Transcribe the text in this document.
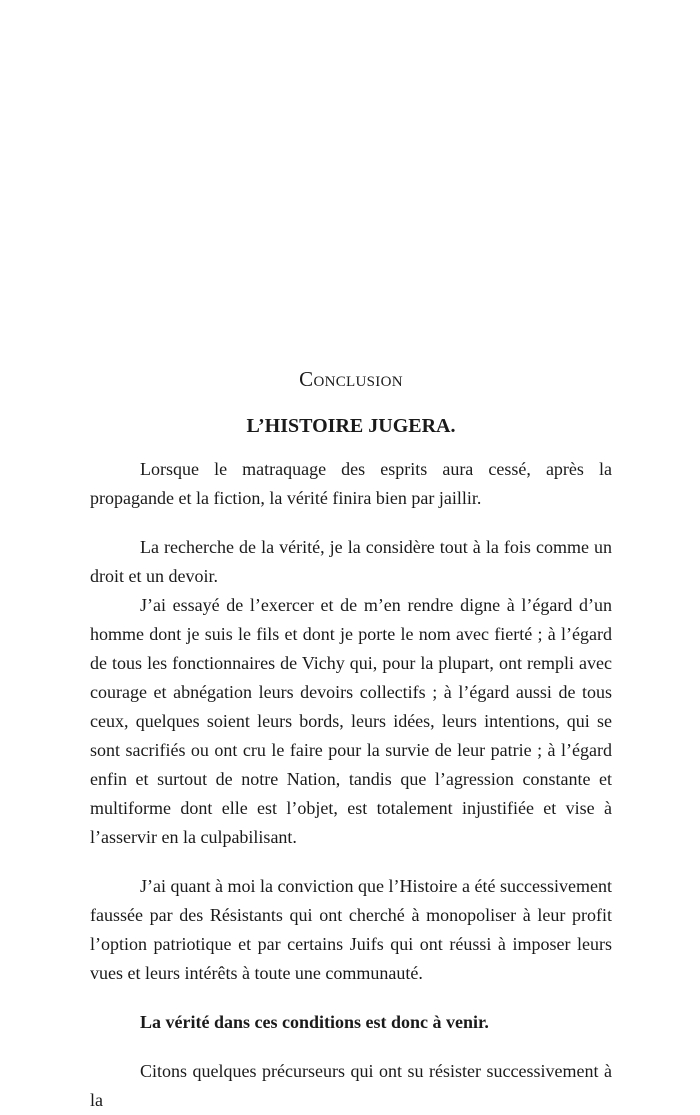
Conclusion
L’HISTOIRE JUGERA.

Lorsque le matraquage des esprits aura cessé, après la propagande et la fiction, la vérité finira bien par jaillir.

La recherche de la vérité, je la considère tout à la fois comme un droit et un devoir.

J’ai essayé de l’exercer et de m’en rendre digne à l’égard d’un homme dont je suis le fils et dont je porte le nom avec fierté ; à l’égard de tous les fonctionnaires de Vichy qui, pour la plupart, ont rempli avec courage et abnégation leurs devoirs collectifs ; à l’égard aussi de tous ceux, quelques soient leurs bords, leurs idées, leurs intentions, qui se sont sacrifiés ou ont cru le faire pour la survie de leur patrie ; à l’égard enfin et surtout de notre Nation, tandis que l’agression constante et multiforme dont elle est l’objet, est totalement injustifiée et vise à l’asservir en la culpabilisant.

J’ai quant à moi la conviction que l’Histoire a été successivement faussée par des Résistants qui ont cherché à monopoliser à leur profit l’option patriotique et par certains Juifs qui ont réussi à imposer leurs vues et leurs intérêts à toute une communauté.

La vérité dans ces conditions est donc à venir.

Citons quelques précurseurs qui ont su résister successivement à la
